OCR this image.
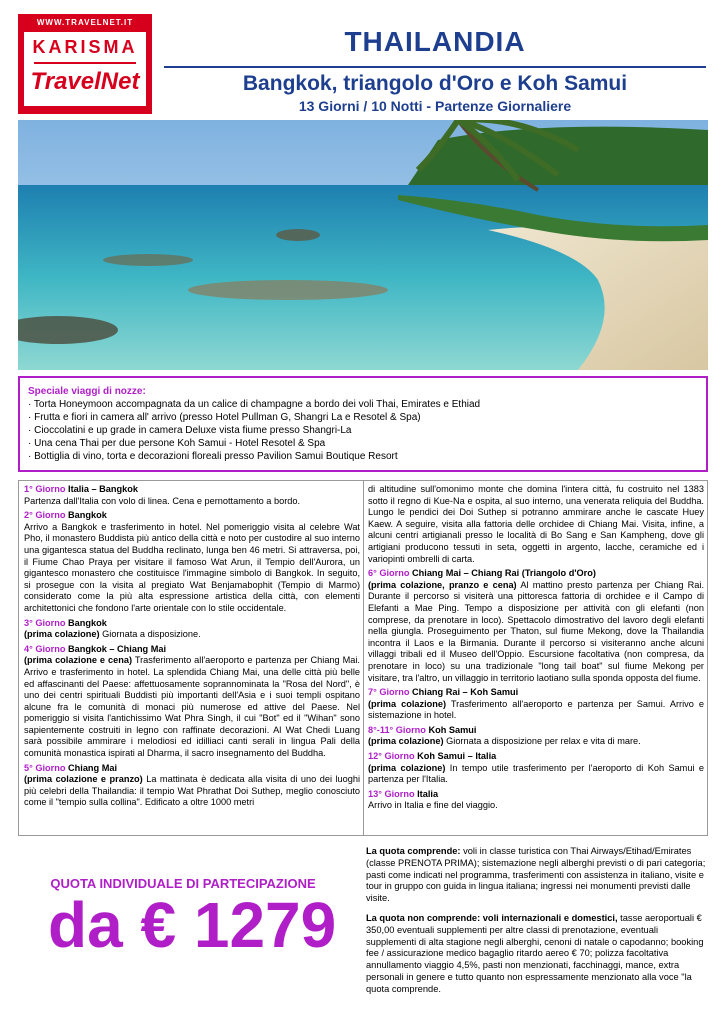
WWW.TRAVELNET.IT
KARISMA
TravelNet
THAILANDIA
Bangkok, triangolo d'Oro e Koh Samui
13 Giorni / 10 Notti - Partenze Giornaliere
Speciale viaggi di nozze:
· Torta Honeymoon accompagnata da un calice di champagne a bordo dei voli Thai, Emirates e Ethiad
· Frutta e fiori in camera all' arrivo (presso Hotel Pullman G, Shangri La e Resotel & Spa)
· Cioccolatini e up grade in camera Deluxe vista fiume presso Shangri-La
· Una cena Thai per due persone Koh Samui - Hotel Resotel & Spa
· Bottiglia di vino, torta e decorazioni floreali presso Pavilion Samui Boutique Resort
1° Giorno Italia – Bangkok
Partenza dall'Italia con volo di linea. Cena e pernottamento a bordo.
2° Giorno Bangkok
Arrivo a Bangkok e trasferimento in hotel. Nel pomeriggio visita al celebre Wat Pho, il monastero Buddista più antico della città e noto per custodire al suo interno una gigantesca statua del Buddha reclinato, lunga ben 46 metri. Si attraversa, poi, il Fiume Chao Praya per visitare il famoso Wat Arun, il Tempio dell'Aurora, un gigantesco monastero che costituisce l'immagine simbolo di Bangkok. In seguito, si prosegue con la visita al pregiato Wat Benjamabophit (Tempio di Marmo) considerato come la più alta espressione artistica della città, con elementi architettonici che fondono l'arte orientale con lo stile occidentale.
3° Giorno Bangkok
(prima colazione) Giornata a disposizione.
4° Giorno Bangkok – Chiang Mai
(prima colazione e cena) Trasferimento all'aeroporto e partenza per Chiang Mai. Arrivo e trasferimento in hotel. La splendida Chiang Mai, una delle città più belle ed affascinanti del Paese: affettuosamente soprannominata la "Rosa del Nord", è uno dei centri spirituali Buddisti più importanti dell'Asia e i suoi templi ospitano alcune fra le comunità di monaci più numerose ed attive del Paese. Nel pomeriggio si visita l'antichissimo Wat Phra Singh, il cui "Bot" ed il "Wihan" sono sapientemente costruiti in legno con raffinate decorazioni. Al Wat Chedi Luang sarà possibile ammirare i melodiosi ed idilliaci canti serali in lingua Pali della comunità monastica ispirati al Dharma, il sacro insegnamento del Buddha.
5° Giorno Chiang Mai
(prima colazione e pranzo) La mattinata è dedicata alla visita di uno dei luoghi più celebri della Thailandia: il tempio Wat Phrathat Doi Suthep, meglio conosciuto come il "tempio sulla collina". Edificato a oltre 1000 metri
di altitudine sull'omonimo monte che domina l'intera città, fu costruito nel 1383 sotto il regno di Kue-Na e ospita, al suo interno, una venerata reliquia del Buddha. Lungo le pendici dei Doi Suthep si potranno ammirare anche le cascate Huey Kaew. A seguire, visita alla fattoria delle orchidee di Chiang Mai. Visita, infine, a alcuni centri artigianali presso le località di Bo Sang e San Kampheng, dove gli artigiani producono tessuti in seta, oggetti in argento, lacche, ceramiche ed i variopinti ombrelli di carta.
6° Giorno Chiang Mai – Chiang Rai (Triangolo d'Oro)
(prima colazione, pranzo e cena) Al mattino presto partenza per Chiang Rai. Durante il percorso si visiterà una pittoresca fattoria di orchidee e il Campo di Elefanti a Mae Ping. Tempo a disposizione per attività con gli elefanti (non comprese, da prenotare in loco). Spettacolo dimostrativo del lavoro degli elefanti nella giungla. Proseguimento per Thaton, sul fiume Mekong, dove la Thailandia incontra il Laos e la Birmania. Durante il percorso si visiteranno anche alcuni villaggi tribali ed il Museo dell'Oppio. Escursione facoltativa (non compresa, da prenotare in loco) su una tradizionale "long tail boat" sul fiume Mekong per visitare, tra l'altro, un villaggio in territorio laotiano sulla sponda opposta del fiume.
7° Giorno Chiang Rai – Koh Samui
(prima colazione) Trasferimento all'aeroporto e partenza per Samui. Arrivo e sistemazione in hotel.
8°-11° Giorno Koh Samui
(prima colazione) Giornata a disposizione per relax e vita di mare.
12° Giorno Koh Samui – Italia
(prima colazione) In tempo utile trasferimento per l'aeroporto di Koh Samui e partenza per l'Italia.
13° Giorno Italia
Arrivo in Italia e fine del viaggio.
QUOTA INDIVIDUALE DI PARTECIPAZIONE
da € 1279
La quota comprende: voli in classe turistica con Thai Airways/Etihad/Emirates (classe PRENOTA PRIMA); sistemazione negli alberghi previsti o di pari categoria; pasti come indicati nel programma, trasferimenti con assistenza in italiano, visite e tour in gruppo con guida in lingua italiana; ingressi nei monumenti previsti dalle visite.
La quota non comprende: voli internazionali e domestici, tasse aeroportuali € 350,00 eventuali supplementi per altre classi di prenotazione, eventuali supplementi di alta stagione negli alberghi, cenoni di natale o capodanno; booking fee / assicurazione medico bagaglio ritardo aereo € 70; polizza facoltativa annullamento viaggio 4,5%, pasti non menzionati, facchinaggi, mance, extra personali in genere e tutto quanto non espressamente menzionato alla voce "la quota comprende.
